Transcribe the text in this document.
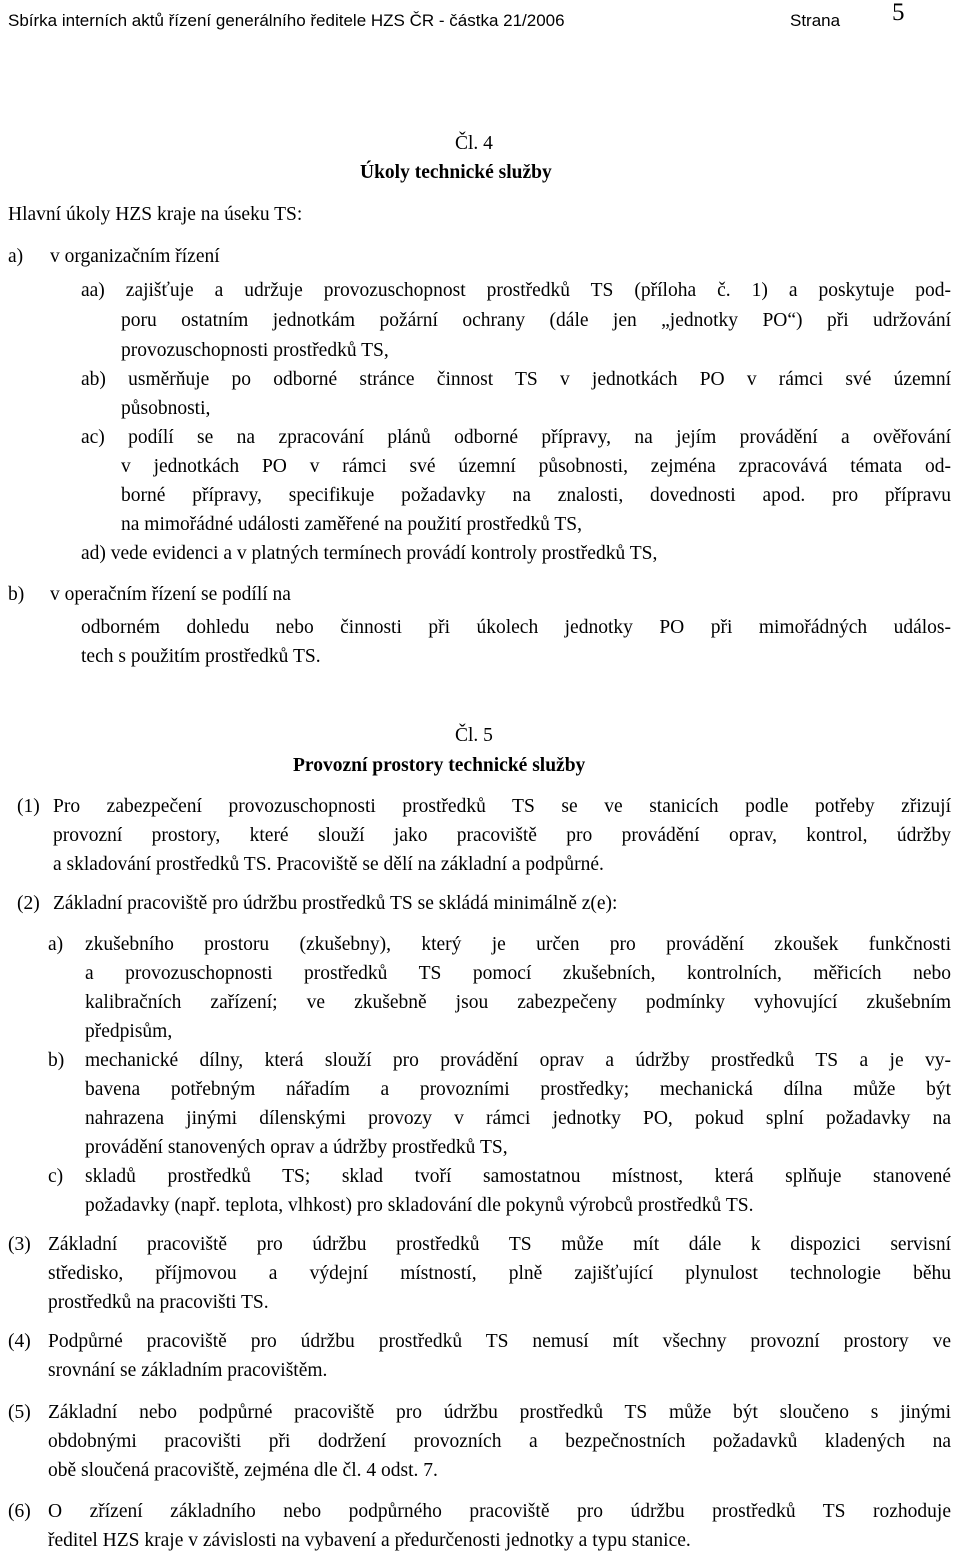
Sbírka interních aktů řízení generálního ředitele HZS ČR - částka 21/2006	Strana 5
Čl. 4
Úkoly technické služby
Hlavní úkoly HZS kraje na úseku TS:
a) v organizačním řízení
aa) zajišťuje a udržuje provozuschopnost prostředků TS (příloha č. 1) a poskytuje pod-
poru ostatním jednotkám požární ochrany (dále jen „jednotky PO“) při udržování
provozuschopnosti prostředků TS,
ab) usměrňuje po odborné stránce činnost TS v jednotkách PO v rámci své územní
působnosti,
ac) podílí se na zpracování plánů odborné přípravy, na jejím provádění a ověřování
v jednotkách PO v rámci své územní působnosti, zejména zpracovává témata od-
borné přípravy, specifikuje požadavky na znalosti, dovednosti apod. pro přípravu
na mimořádné události zaměřené na použití prostředků TS,
ad) vede evidenci a v platných termínech provádí kontroly prostředků TS,
b) v operačním řízení se podílí na
odborném dohledu nebo činnosti při úkolech jednotky PO při mimořádných událos-
tech s použitím prostředků TS.
Čl. 5
Provozní prostory technické služby
(1) Pro zabezpečení provozuschopnosti prostředků TS se ve stanicích podle potřeby zřizují
provozní prostory, které slouží jako pracoviště pro provádění oprav, kontrol, údržby
a skladování prostředků TS. Pracoviště se dělí na základní a podpůrné.
(2) Základní pracoviště pro údržbu prostředků TS se skládá minimálně z(e):
a) zkušebního prostoru (zkušebny), který je určen pro provádění zkoušek funkčnosti
a provozuschopnosti prostředků TS pomocí zkušebních, kontrolních, měřicích nebo
kalibračních zařízení; ve zkušebně jsou zabezpečeny podmínky vyhovující zkušebním
předpisům,
b) mechanické dílny, která slouží pro provádění oprav a údržby prostředků TS a je vy-
bavena potřebným nářadím a provozními prostředky; mechanická dílna může být
nahrazena jinými dílenskými provozy v rámci jednotky PO, pokud splní požadavky na
provádění stanovených oprav a údržby prostředků TS,
c) skladů prostředků TS; sklad tvoří samostatnou místnost, která splňuje stanovené
požadavky (např. teplota, vlhkost) pro skladování dle pokynů výrobců prostředků TS.
(3) Základní pracoviště pro údržbu prostředků TS může mít dále k dispozici servisní
středisko, příjmovou a výdejní místností, plně zajišťující plynulost technologie běhu
prostředků na pracovišti TS.
(4) Podpůrné pracoviště pro údržbu prostředků TS nemusí mít všechny provozní prostory ve
srovnání se základním pracovištěm.
(5) Základní nebo podpůrné pracoviště pro údržbu prostředků TS může být sloučeno s jinými
obdobnými pracovišti při dodržení provozních a bezpečnostních požadavků kladených na
obě sloučená pracoviště, zejména dle čl. 4 odst. 7.
(6) O zřízení základního nebo podpůrného pracoviště pro údržbu prostředků TS rozhoduje
ředitel HZS kraje v závislosti na vybavení a předurčenosti jednotky a typu stanice.
